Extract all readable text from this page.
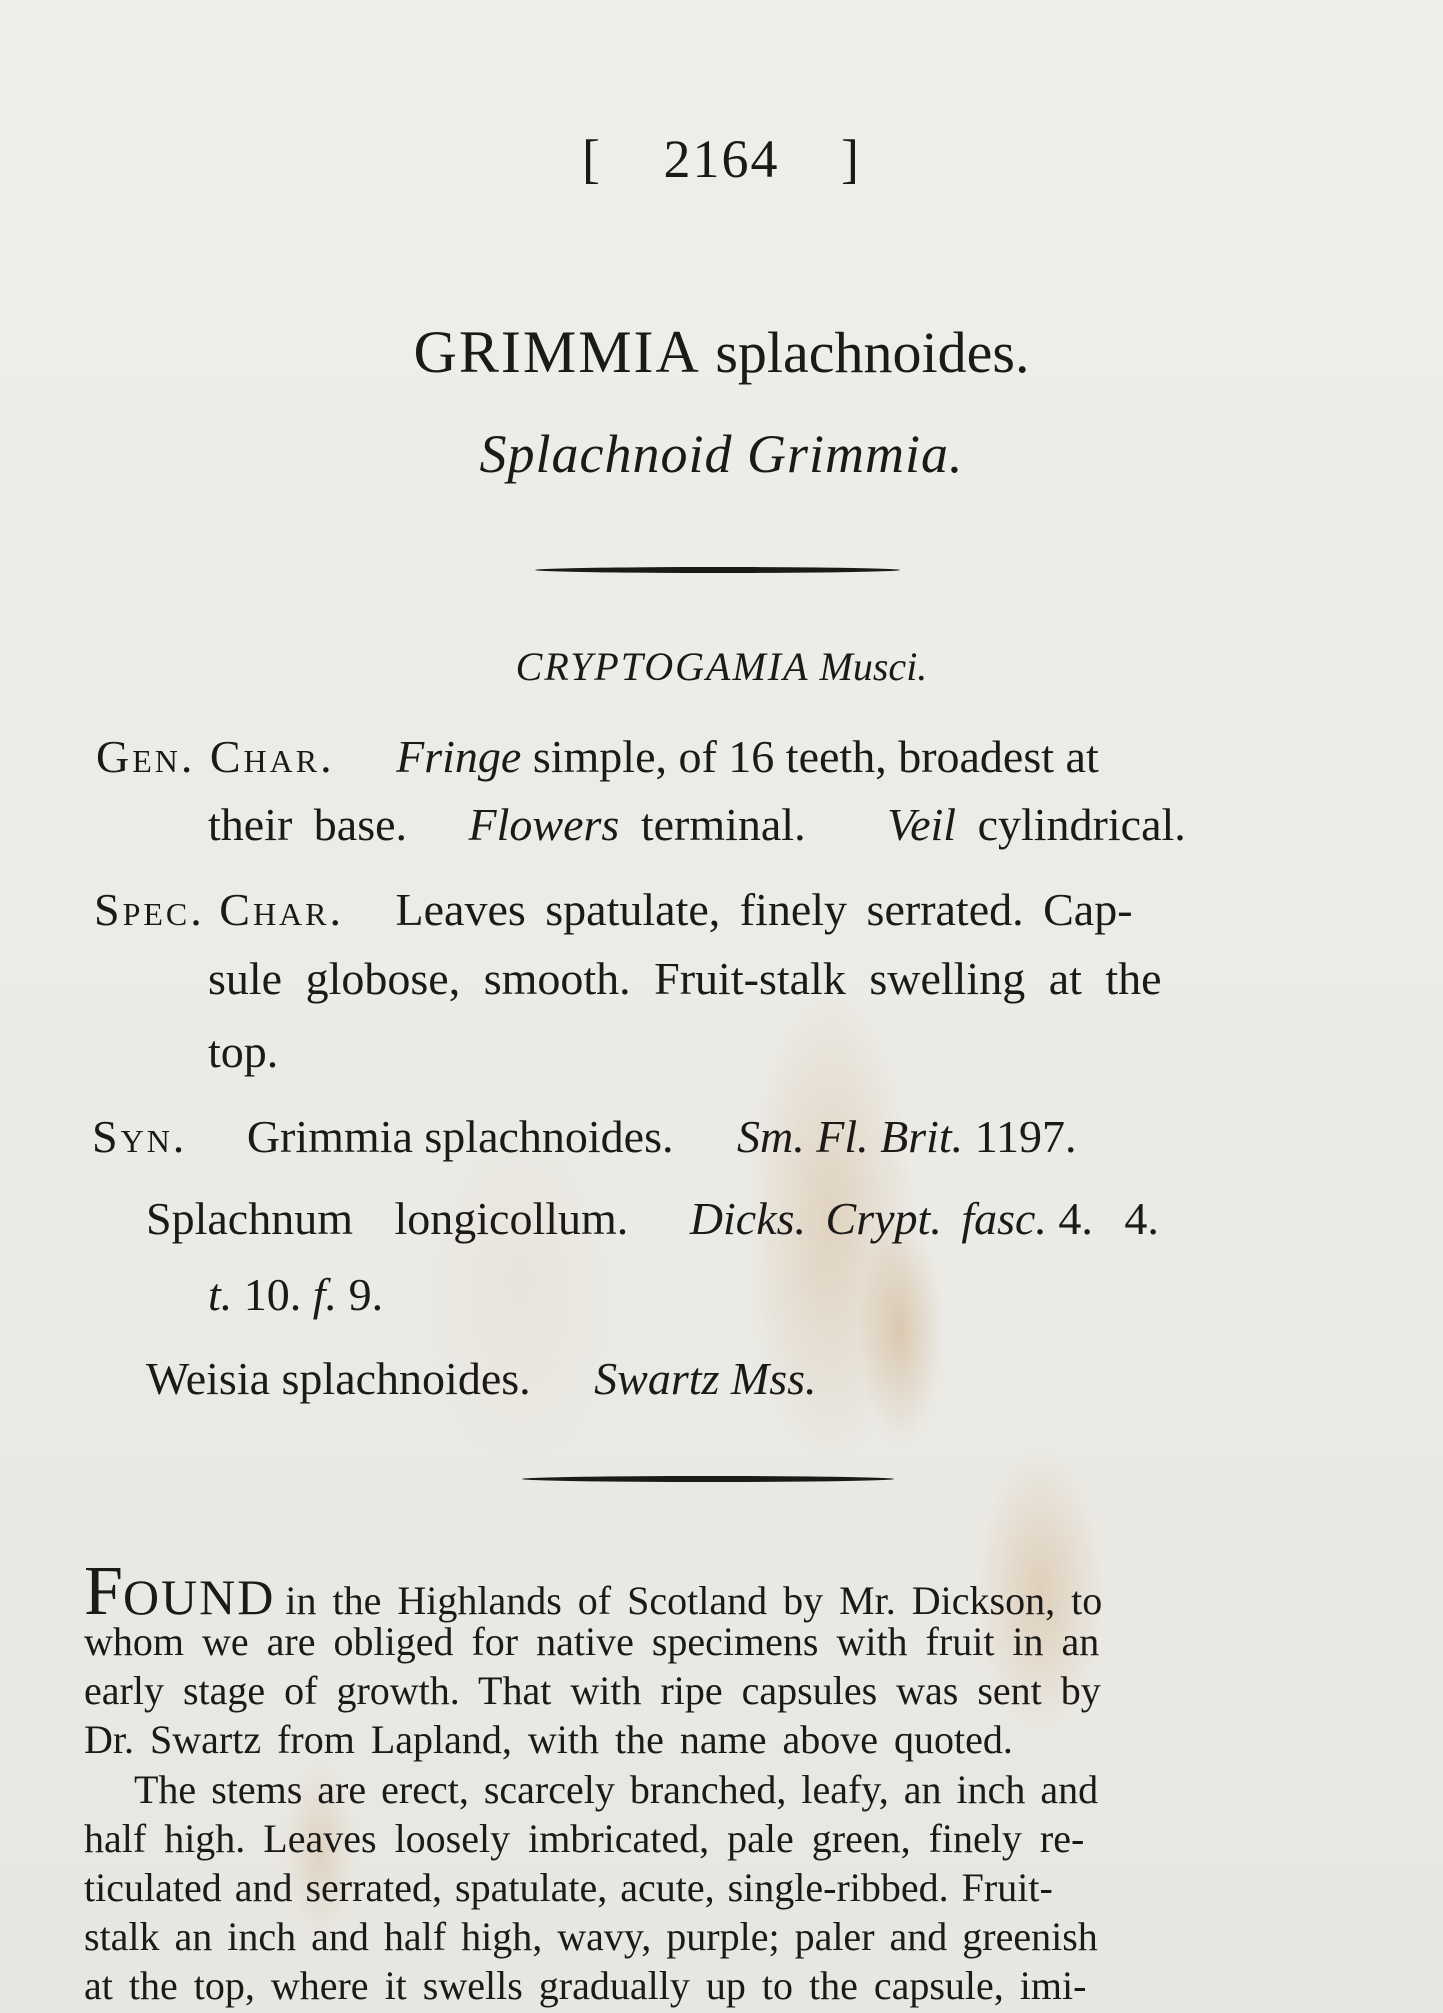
[ 2164 ]
GRIMMIA splachnoides.
Splachnoid Grimmia.
CRYPTOGAMIA Musci.
Gen. Char. Fringe simple, of 16 teeth, broadest at
their base. Flowers terminal. Veil cylindrical.
Spec. Char. Leaves spatulate, finely serrated. Cap-
sule globose, smooth. Fruit-stalk swelling at the
top.
Syn. Grimmia splachnoides. Sm. Fl. Brit. 1197.
Splachnum longicollum. Dicks. Crypt. fasc. 4. 4.
t. 10. f. 9.
Weisia splachnoides. Swartz Mss.
FOUND in the Highlands of Scotland by Mr. Dickson, to
whom we are obliged for native specimens with fruit in an
early stage of growth. That with ripe capsules was sent by
Dr. Swartz from Lapland, with the name above quoted.
The stems are erect, scarcely branched, leafy, an inch and
half high. Leaves loosely imbricated, pale green, finely re-
ticulated and serrated, spatulate, acute, single-ribbed. Fruit-
stalk an inch and half high, wavy, purple; paler and greenish
at the top, where it swells gradually up to the capsule, imi-
